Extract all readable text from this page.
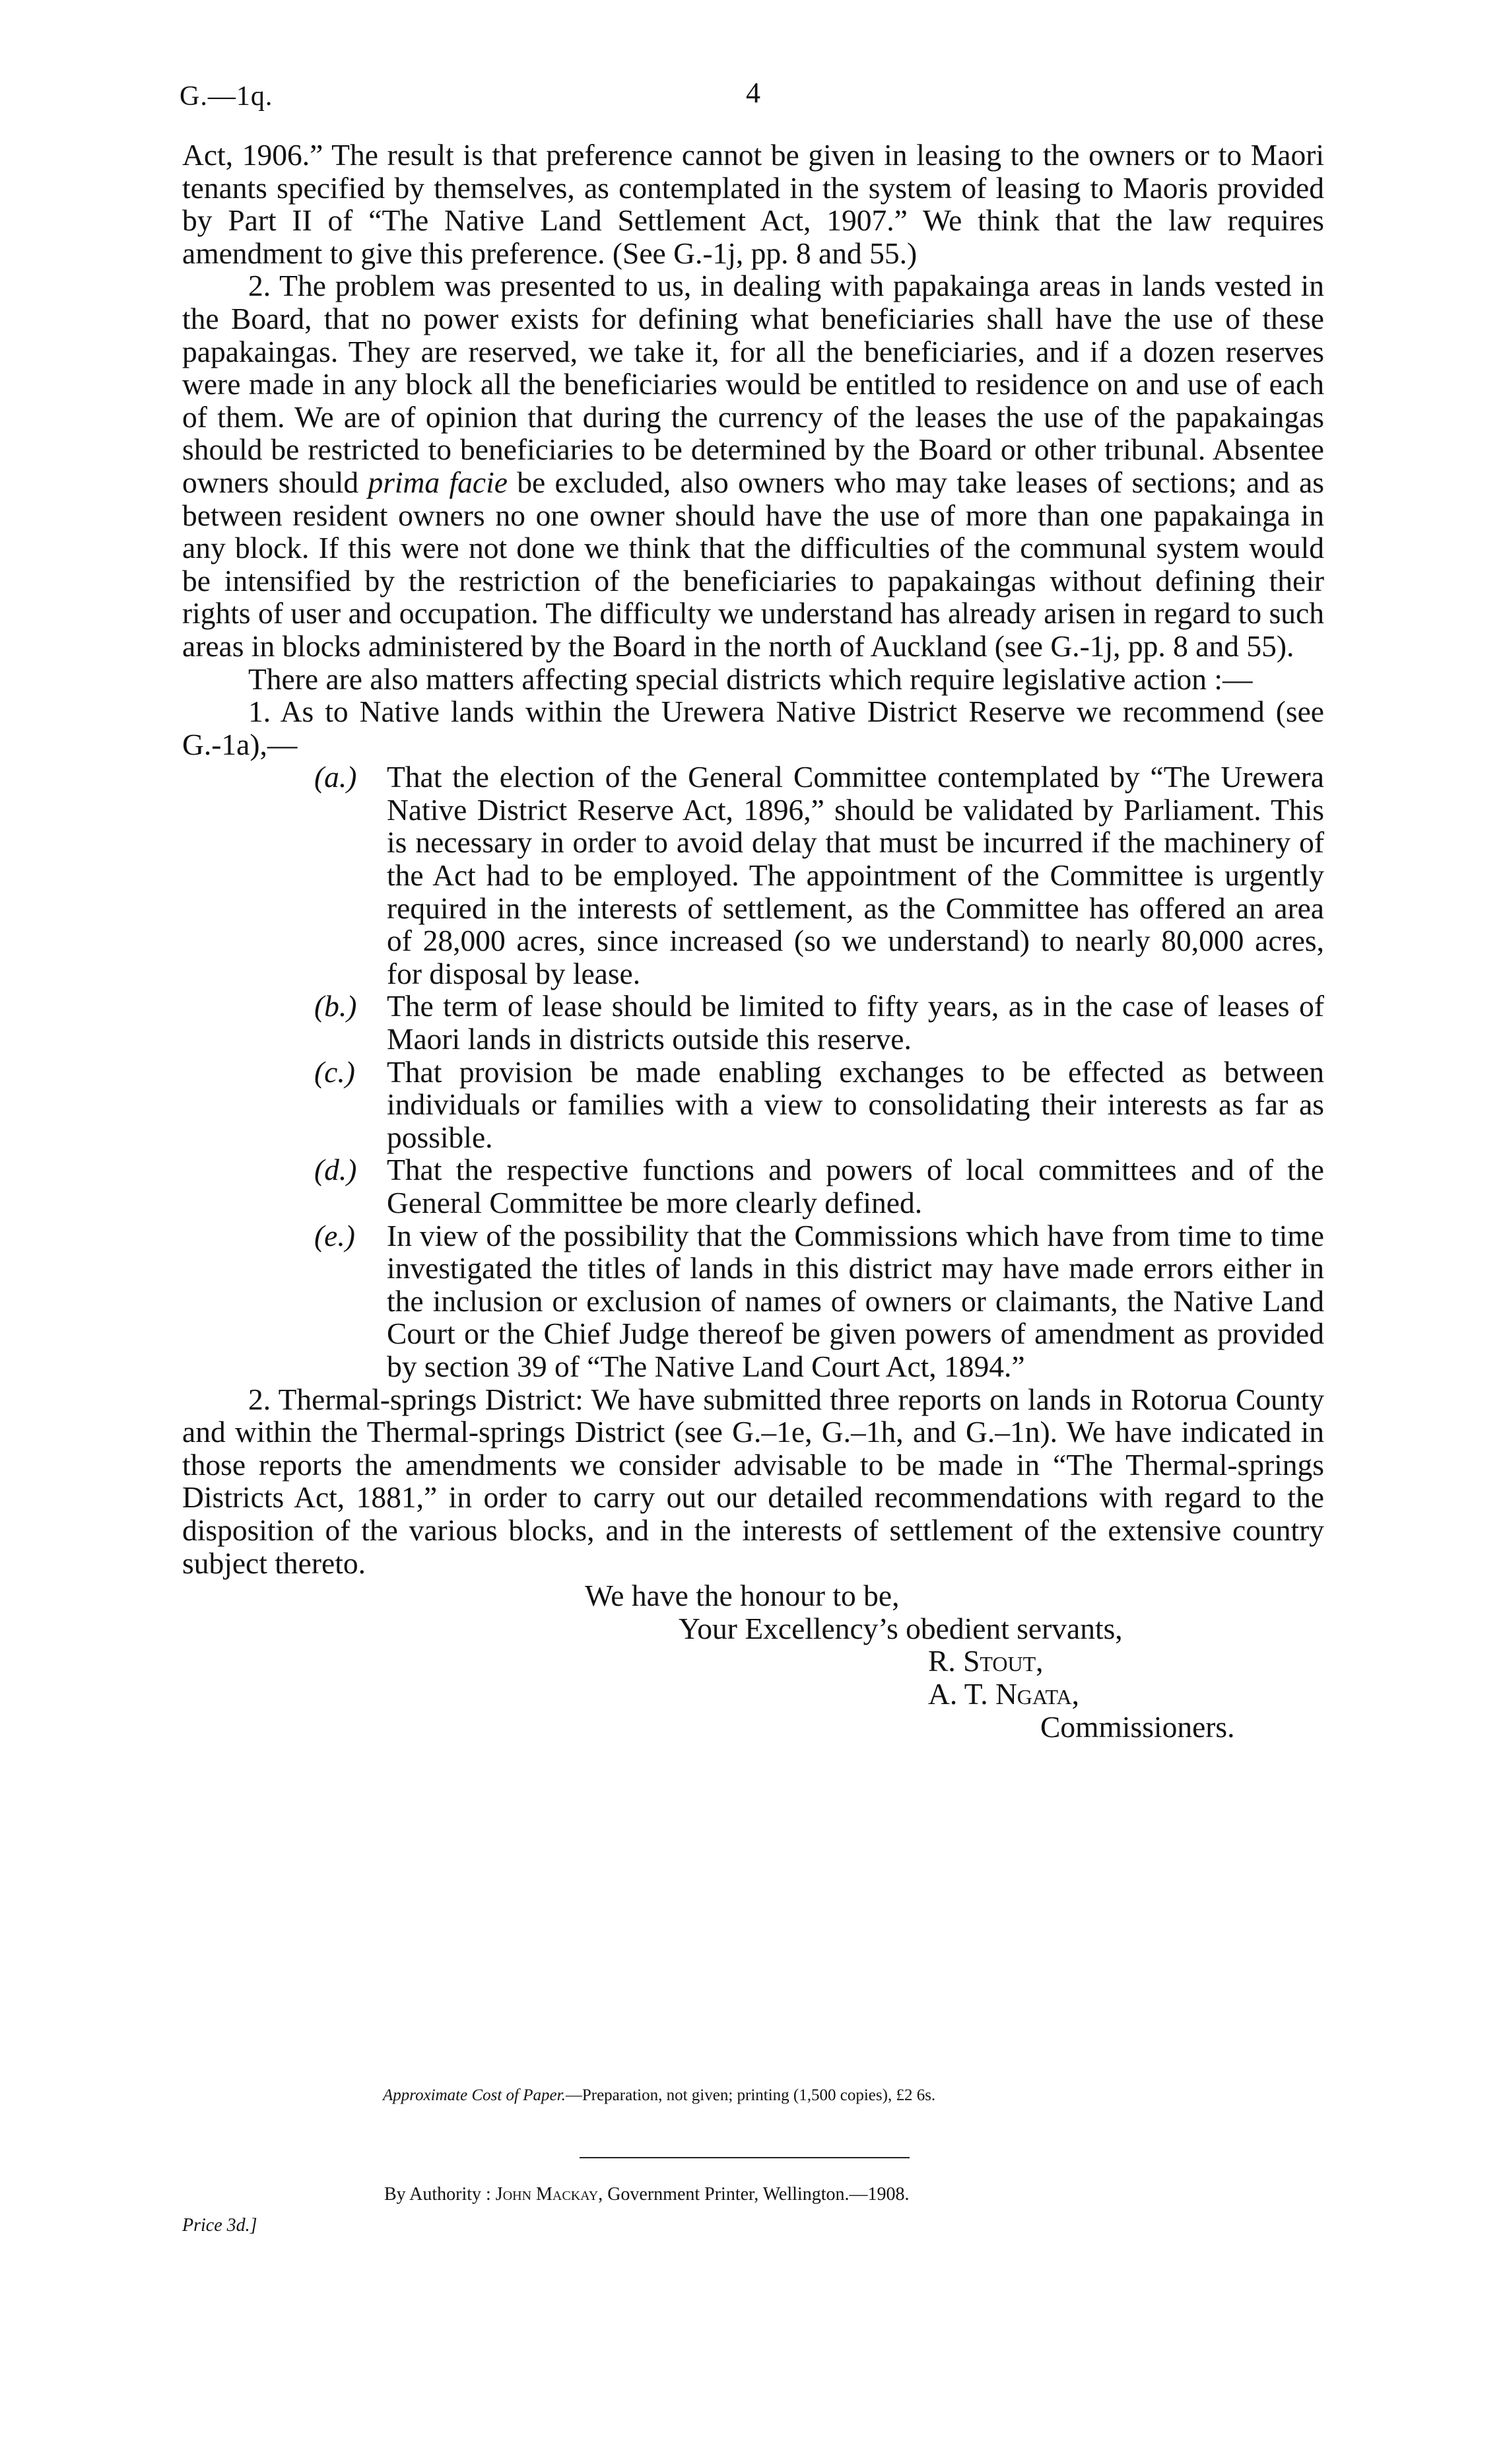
G.—1q.	4

Act, 1906.” The result is that preference cannot be given in leasing to the owners or to Maori tenants specified by themselves, as contemplated in the system of leasing to Maoris provided by Part II of “The Native Land Settlement Act, 1907.” We think that the law requires amendment to give this preference. (See G.-1j, pp. 8 and 55.)

2. The problem was presented to us, in dealing with papakainga areas in lands vested in the Board, that no power exists for defining what beneficiaries shall have the use of these papakaingas. They are reserved, we take it, for all the beneficiaries, and if a dozen reserves were made in any block all the beneficiaries would be entitled to residence on and use of each of them. We are of opinion that during the currency of the leases the use of the papakaingas should be restricted to beneficiaries to be determined by the Board or other tribunal. Absentee owners should prima facie be excluded, also owners who may take leases of sections; and as between resident owners no one owner should have the use of more than one papakainga in any block. If this were not done we think that the difficulties of the communal system would be intensified by the restriction of the beneficiaries to papakaingas without defining their rights of user and occupation. The difficulty we understand has already arisen in regard to such areas in blocks administered by the Board in the north of Auckland (see G.-1j, pp. 8 and 55).

There are also matters affecting special districts which require legislative action :—

1. As to Native lands within the Urewera Native District Reserve we recommend (see G.-1a),—

(a.)	That the election of the General Committee contemplated by “The Urewera Native District Reserve Act, 1896,” should be validated by Parliament. This is necessary in order to avoid delay that must be incurred if the machinery of the Act had to be employed. The appointment of the Committee is urgently required in the interests of settlement, as the Committee has offered an area of 28,000 acres, since increased (so we understand) to nearly 80,000 acres, for disposal by lease.
(b.)	The term of lease should be limited to fifty years, as in the case of leases of Maori lands in districts outside this reserve.
(c.)	That provision be made enabling exchanges to be effected as between individuals or families with a view to consolidating their interests as far as possible.
(d.)	That the respective functions and powers of local committees and of the General Committee be more clearly defined.
(e.)	In view of the possibility that the Commissions which have from time to time investigated the titles of lands in this district may have made errors either in the inclusion or exclusion of names of owners or claimants, the Native Land Court or the Chief Judge thereof be given powers of amendment as provided by section 39 of “The Native Land Court Act, 1894.”

2. Thermal-springs District: We have submitted three reports on lands in Rotorua County and within the Thermal-springs District (see G.–1e, G.–1h, and G.–1n). We have indicated in those reports the amendments we consider advisable to be made in “The Thermal-springs Districts Act, 1881,” in order to carry out our detailed recommendations with regard to the disposition of the various blocks, and in the interests of settlement of the extensive country subject thereto.

We have the honour to be,

Your Excellency’s obedient servants,

R. Stout,

A. T. Ngata,

Commissioners.

Approximate Cost of Paper.—Preparation, not given; printing (1,500 copies), £2 6s.
By Authority : John Mackay, Government Printer, Wellington.—1908.
Price 3d.]
